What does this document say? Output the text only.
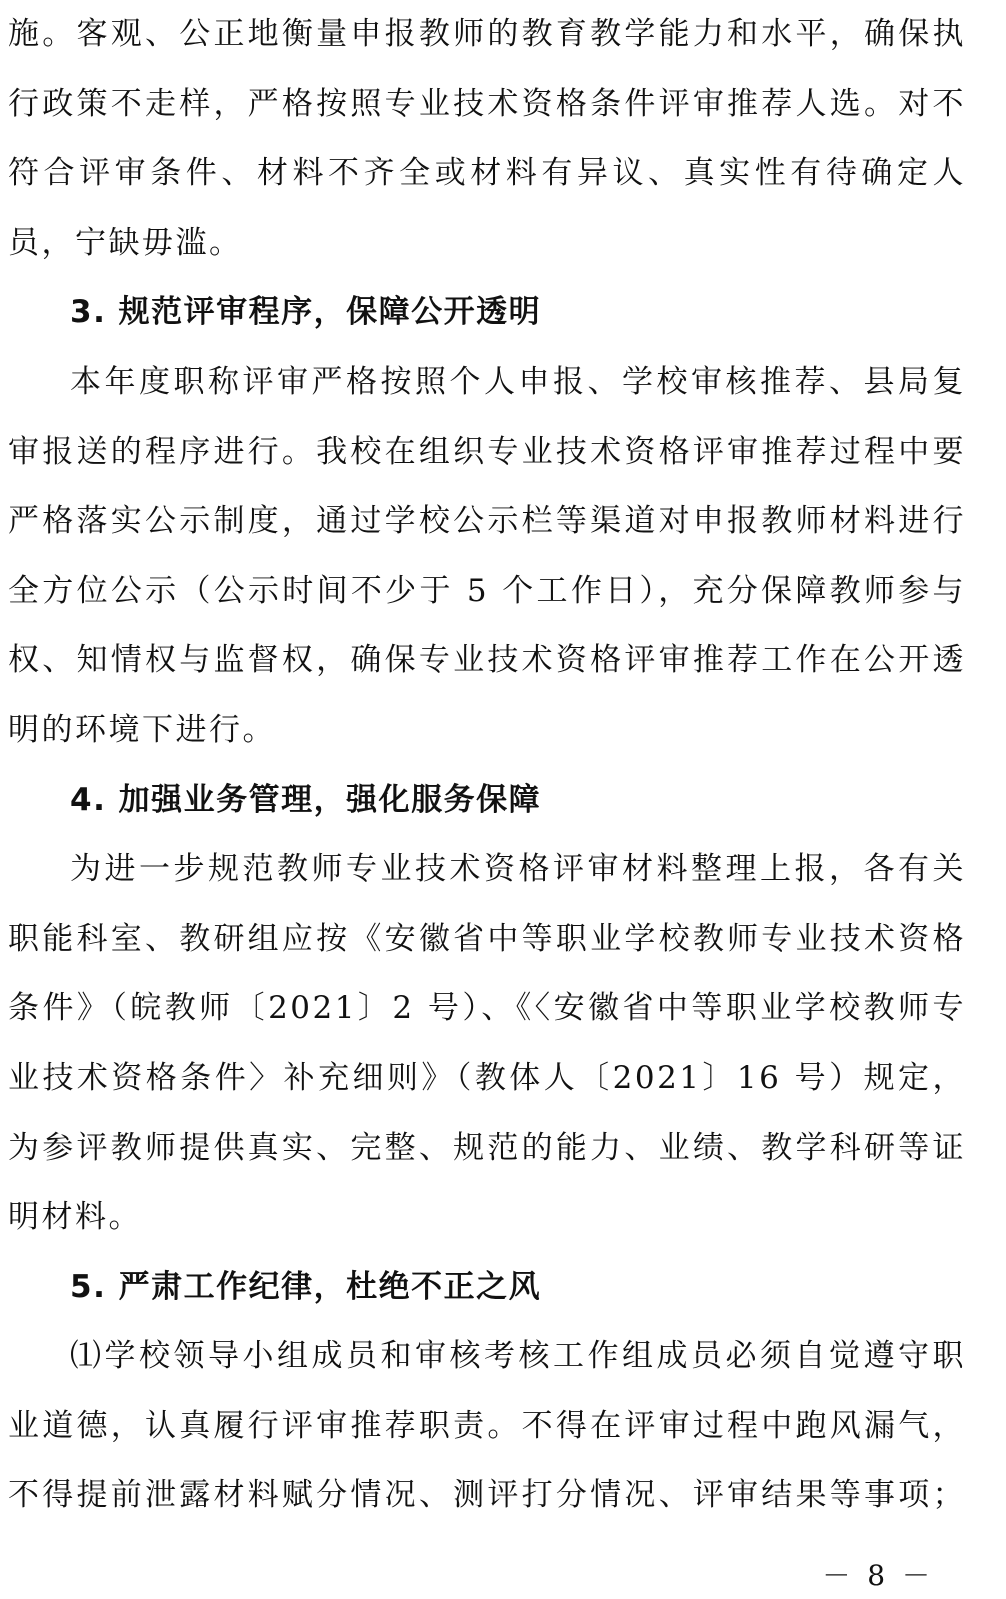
施。客观、公正地衡量申报教师的教育教学能力和水平，确保执行政策不走样，严格按照专业技术资格条件评审推荐人选。对不符合评审条件、材料不齐全或材料有异议、真实性有待确定人员，宁缺毋滥。

3. 规范评审程序，保障公开透明

本年度职称评审严格按照个人申报、学校审核推荐、县局复审报送的程序进行。我校在组织专业技术资格评审推荐过程中要严格落实公示制度，通过学校公示栏等渠道对申报教师材料进行全方位公示（公示时间不少于 5 个工作日），充分保障教师参与权、知情权与监督权，确保专业技术资格评审推荐工作在公开透明的环境下进行。

4. 加强业务管理，强化服务保障

为进一步规范教师专业技术资格评审材料整理上报，各有关职能科室、教研组应按《安徽省中等职业学校教师专业技术资格条件》（皖教师〔2021〕2 号）、《〈安徽省中等职业学校教师专业技术资格条件〉补充细则》（教体人〔2021〕16 号）规定，为参评教师提供真实、完整、规范的能力、业绩、教学科研等证明材料。

5. 严肃工作纪律，杜绝不正之风

⑴学校领导小组成员和审核考核工作组成员必须自觉遵守职业道德，认真履行评审推荐职责。不得在评审过程中跑风漏气，不得提前泄露材料赋分情况、测评打分情况、评审结果等事项；

－ 8 －
